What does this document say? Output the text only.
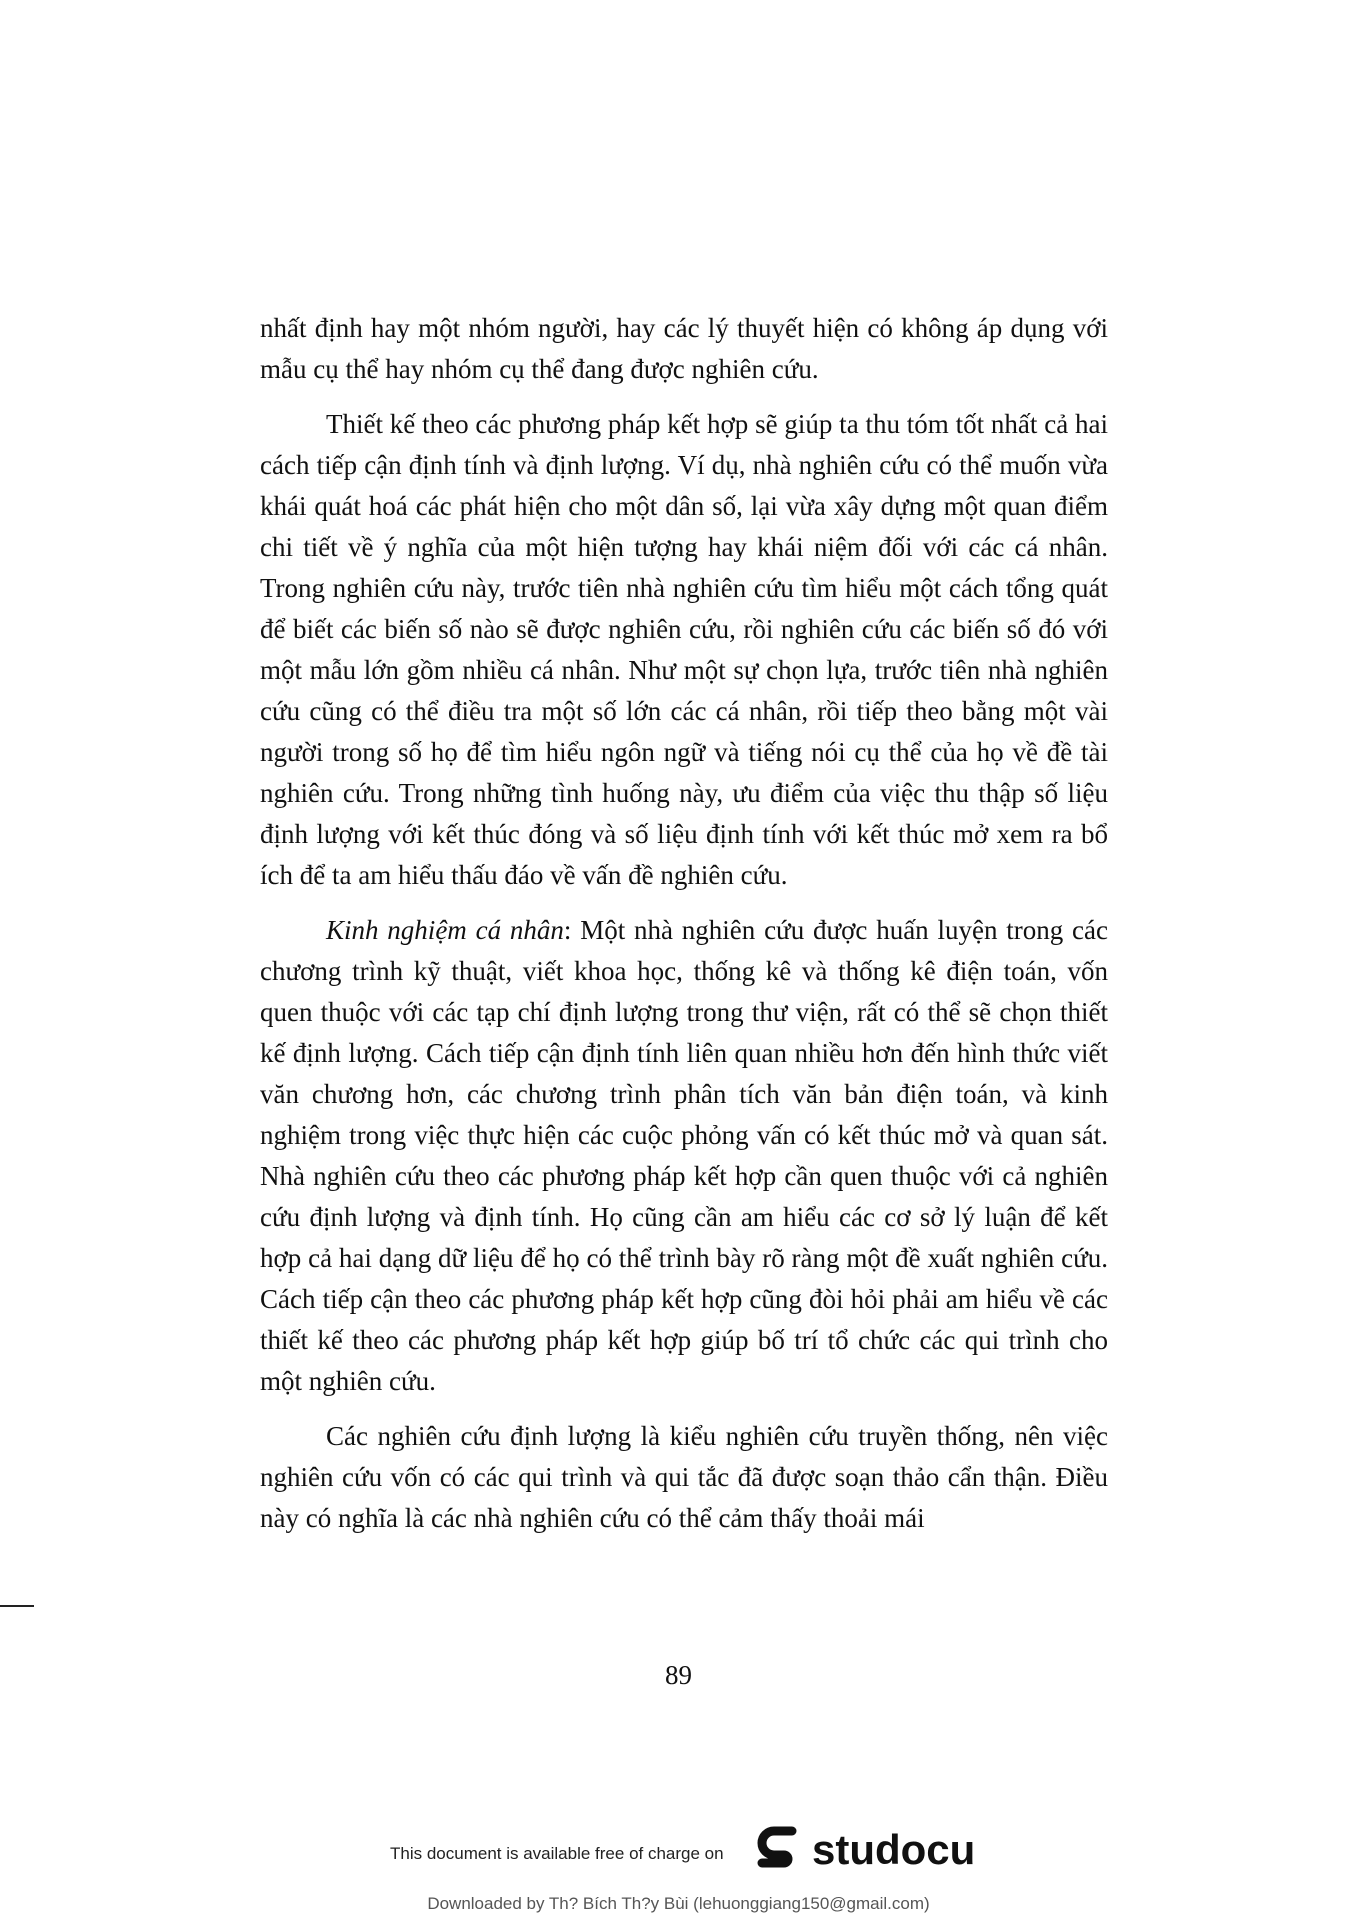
nhất định hay một nhóm người, hay các lý thuyết hiện có không áp dụng với mẫu cụ thể hay nhóm cụ thể đang được nghiên cứu.

Thiết kế theo các phương pháp kết hợp sẽ giúp ta thu tóm tốt nhất cả hai cách tiếp cận định tính và định lượng. Ví dụ, nhà nghiên cứu có thể muốn vừa khái quát hoá các phát hiện cho một dân số, lại vừa xây dựng một quan điểm chi tiết về ý nghĩa của một hiện tượng hay khái niệm đối với các cá nhân. Trong nghiên cứu này, trước tiên nhà nghiên cứu tìm hiểu một cách tổng quát để biết các biến số nào sẽ được nghiên cứu, rồi nghiên cứu các biến số đó với một mẫu lớn gồm nhiều cá nhân. Như một sự chọn lựa, trước tiên nhà nghiên cứu cũng có thể điều tra một số lớn các cá nhân, rồi tiếp theo bằng một vài người trong số họ để tìm hiểu ngôn ngữ và tiếng nói cụ thể của họ về đề tài nghiên cứu. Trong những tình huống này, ưu điểm của việc thu thập số liệu định lượng với kết thúc đóng và số liệu định tính với kết thúc mở xem ra bổ ích để ta am hiểu thấu đáo về vấn đề nghiên cứu.

Kinh nghiệm cá nhân: Một nhà nghiên cứu được huấn luyện trong các chương trình kỹ thuật, viết khoa học, thống kê và thống kê điện toán, vốn quen thuộc với các tạp chí định lượng trong thư viện, rất có thể sẽ chọn thiết kế định lượng. Cách tiếp cận định tính liên quan nhiều hơn đến hình thức viết văn chương hơn, các chương trình phân tích văn bản điện toán, và kinh nghiệm trong việc thực hiện các cuộc phỏng vấn có kết thúc mở và quan sát. Nhà nghiên cứu theo các phương pháp kết hợp cần quen thuộc với cả nghiên cứu định lượng và định tính. Họ cũng cần am hiểu các cơ sở lý luận để kết hợp cả hai dạng dữ liệu để họ có thể trình bày rõ ràng một đề xuất nghiên cứu. Cách tiếp cận theo các phương pháp kết hợp cũng đòi hỏi phải am hiểu về các thiết kế theo các phương pháp kết hợp giúp bố trí tổ chức các qui trình cho một nghiên cứu.

Các nghiên cứu định lượng là kiểu nghiên cứu truyền thống, nên việc nghiên cứu vốn có các qui trình và qui tắc đã được soạn thảo cẩn thận. Điều này có nghĩa là các nhà nghiên cứu có thể cảm thấy thoải mái

89
This document is available free of charge on studocu
Downloaded by Th? Bích Th?y Bùi (lehuonggiang150@gmail.com)
